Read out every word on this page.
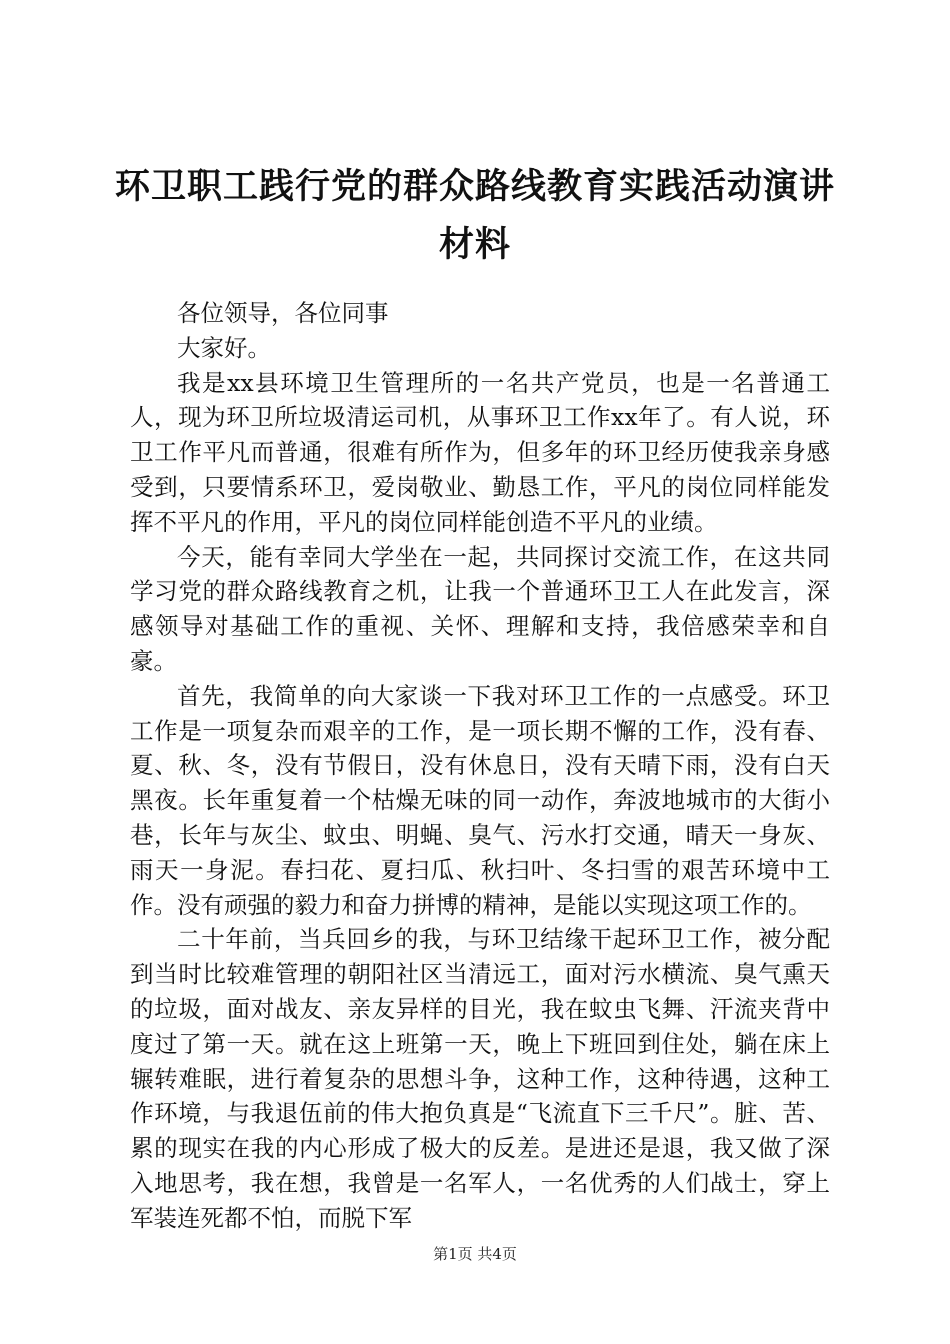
环卫职工践行党的群众路线教育实践活动演讲材料

各位领导，各位同事

大家好。

我是xx县环境卫生管理所的一名共产党员，也是一名普通工人，现为环卫所垃圾清运司机，从事环卫工作xx年了。有人说，环卫工作平凡而普通，很难有所作为，但多年的环卫经历使我亲身感受到，只要情系环卫，爱岗敬业、勤恳工作，平凡的岗位同样能发挥不平凡的作用，平凡的岗位同样能创造不平凡的业绩。

今天，能有幸同大学坐在一起，共同探讨交流工作，在这共同学习党的群众路线教育之机，让我一个普通环卫工人在此发言，深感领导对基础工作的重视、关怀、理解和支持，我倍感荣幸和自豪。

首先，我简单的向大家谈一下我对环卫工作的一点感受。环卫工作是一项复杂而艰辛的工作，是一项长期不懈的工作，没有春、夏、秋、冬，没有节假日，没有休息日，没有天晴下雨，没有白天黑夜。长年重复着一个枯燥无味的同一动作，奔波地城市的大街小巷，长年与灰尘、蚊虫、明蝇、臭气、污水打交通，晴天一身灰、雨天一身泥。春扫花、夏扫瓜、秋扫叶、冬扫雪的艰苦环境中工作。没有顽强的毅力和奋力拼博的精神，是能以实现这项工作的。

二十年前，当兵回乡的我，与环卫结缘干起环卫工作，被分配到当时比较难管理的朝阳社区当清远工，面对污水横流、臭气熏天的垃圾，面对战友、亲友异样的目光，我在蚊虫飞舞、汗流夹背中度过了第一天。就在这上班第一天，晚上下班回到住处，躺在床上辗转难眠，进行着复杂的思想斗争，这种工作，这种待遇，这种工作环境，与我退伍前的伟大抱负真是“飞流直下三千尺”。脏、苦、累的现实在我的内心形成了极大的反差。是进还是退，我又做了深入地思考，我在想，我曾是一名军人，一名优秀的人们战士，穿上军装连死都不怕，而脱下军

第1页 共4页
